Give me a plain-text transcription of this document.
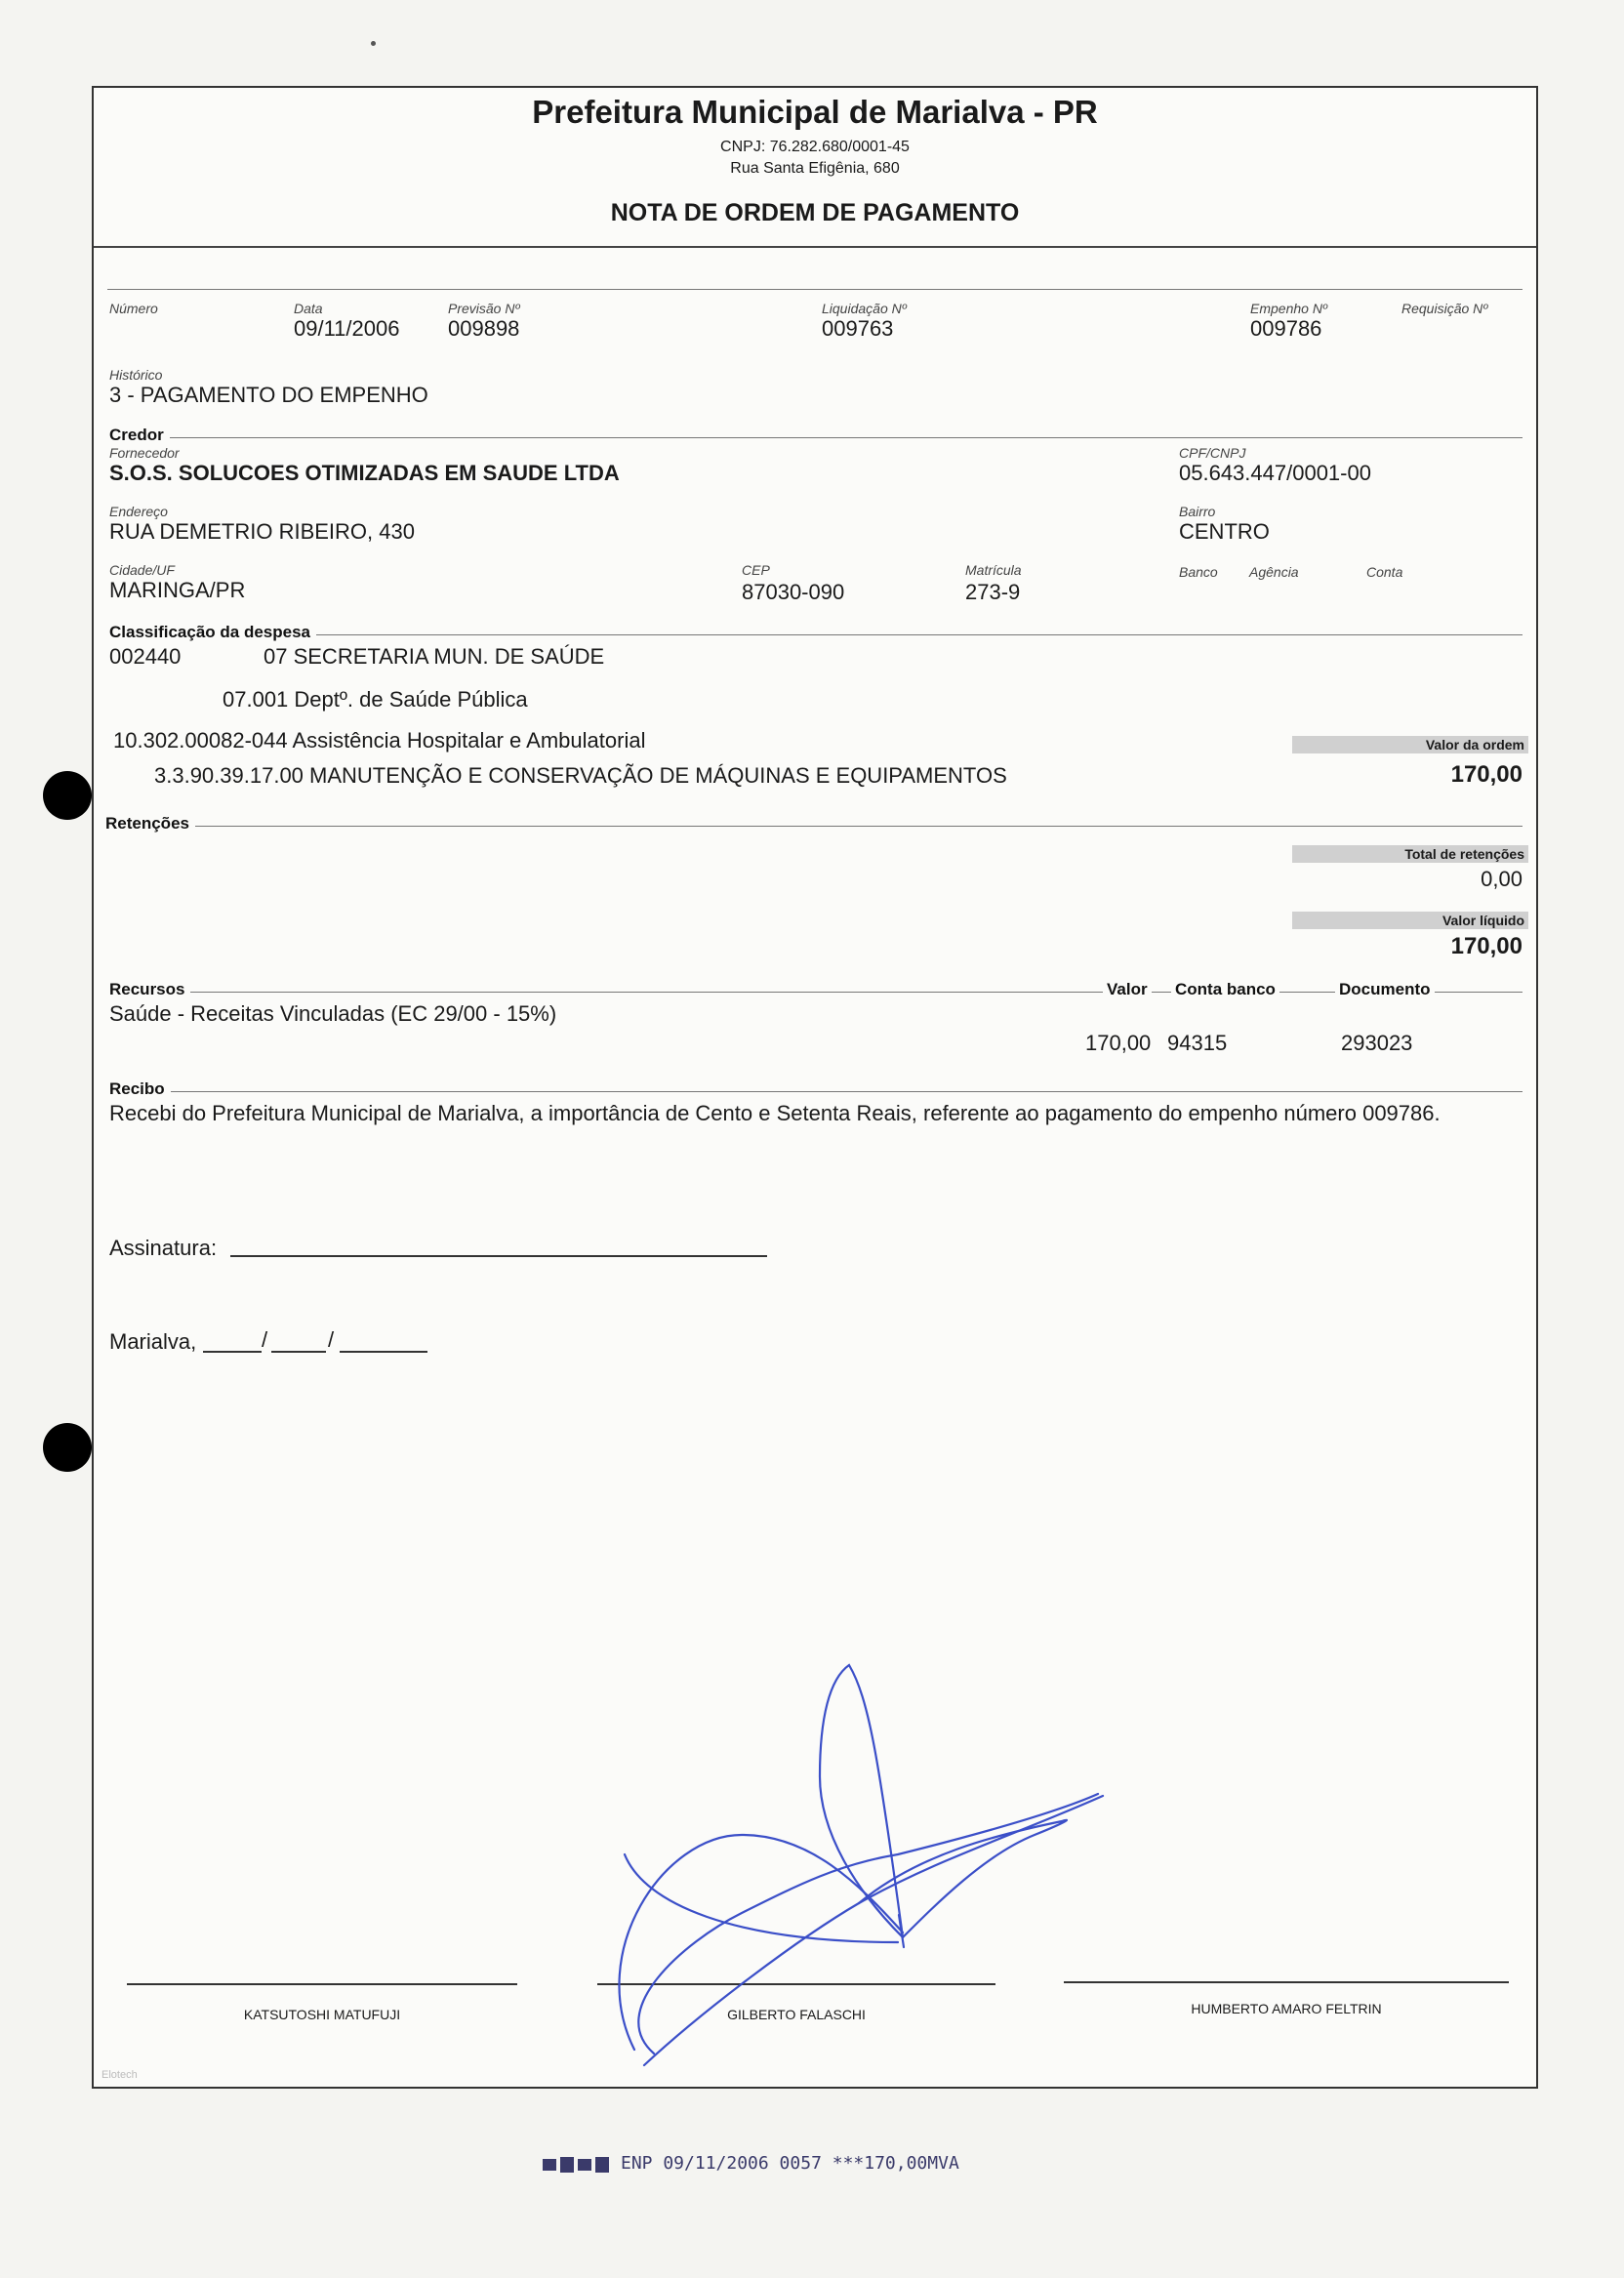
Prefeitura Municipal de Marialva - PR
CNPJ: 76.282.680/0001-45
Rua Santa Efigênia, 680
NOTA DE ORDEM DE PAGAMENTO
Número	Data
09/11/2006
Previsão Nº
009898
Liquidação Nº
009763
Empenho Nº
009786
Requisição Nº
Histórico
3 - PAGAMENTO DO EMPENHO
Credor
Fornecedor
S.O.S. SOLUCOES OTIMIZADAS EM SAUDE LTDA
CPF/CNPJ
05.643.447/0001-00
Endereço
RUA DEMETRIO RIBEIRO, 430
Bairro
CENTRO
Cidade/UF
MARINGA/PR
CEP
87030-090
Matrícula
273-9
Banco Agência	Conta
Classificação da despesa
002440	07 SECRETARIA MUN. DE SAÚDE
07.001 Deptº. de Saúde Pública
10.302.00082-044 Assistência Hospitalar e Ambulatorial
3.3.90.39.17.00 MANUTENÇÃO E CONSERVAÇÃO DE MÁQUINAS E EQUIPAMENTOS
Valor da ordem
170,00
Retenções
Total de retenções
0,00
Valor líquido
170,00
Recursos	Valor Conta banco	Documento
Saúde - Receitas Vinculadas (EC 29/00 - 15%)
170,00 94315	293023
Recibo
Recebi do Prefeitura Municipal de Marialva, a importância de Cento e Setenta Reais, referente ao pagamento do empenho número 009786.
Assinatura:
Marialva,	/	/
KATSUTOSHI MATUFUJI	GILBERTO FALASCHI	HUMBERTO AMARO FELTRIN
Elotech
ENP 09/11/2006 0057 ***170,00MVA
